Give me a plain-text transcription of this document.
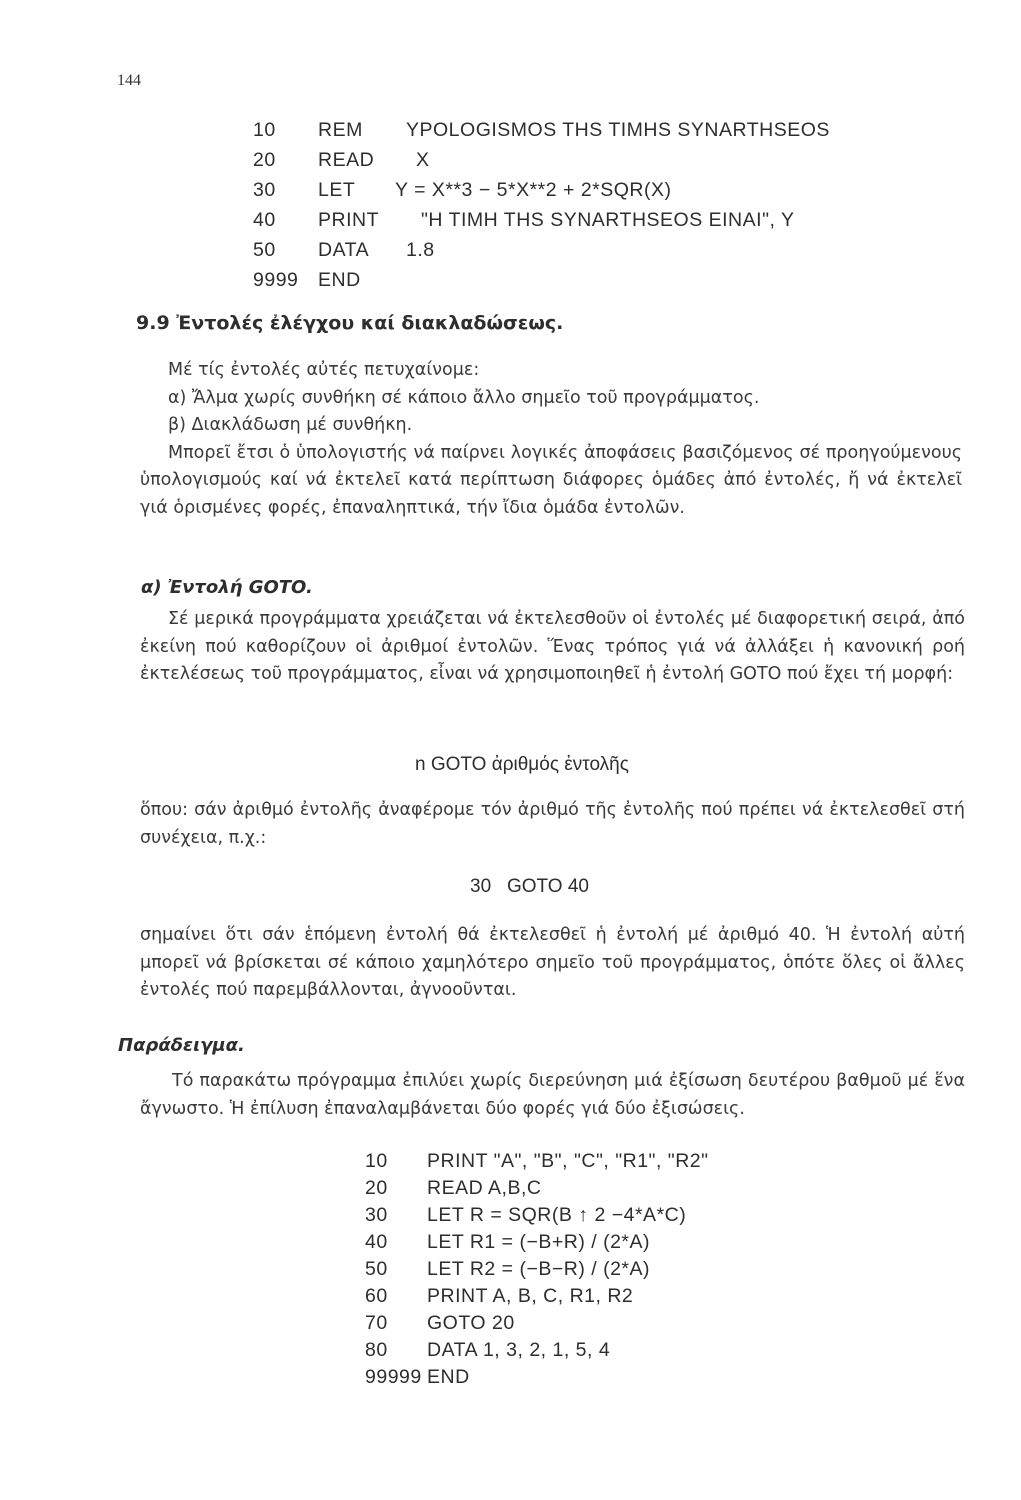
144
10 REM YPOLOGISMOS THS TIMHS SYNARTHSEOS
20 READ X
30 LET Y = X**3 − 5*X**2 + 2*SQR(X)
40 PRINT "H TIMH THS SYNARTHSEOS EINAI", Y
50 DATA 1.8
9999 END
9.9 Ἐντολές ἐλέγχου καί διακλαδώσεως.

Μέ τίς ἐντολές αὐτές πετυχαίνομε:

α) Ἄλμα χωρίς συνθήκη σέ κάποιο ἄλλο σημεῖο τοῦ προγράμματος.

β) Διακλάδωση μέ συνθήκη.

Μπορεῖ ἔτσι ὁ ὑπολογιστής νά παίρνει λογικές ἀποφάσεις βασιζόμενος σέ προηγούμενους ὑπολογισμούς καί νά ἐκτελεῖ κατά περίπτωση διάφορες ὁμάδες ἀπό ἐντολές, ἤ νά ἐκτελεῖ γιά ὁρισμένες φορές, ἐπαναληπτικά, τήν ἴδια ὁμάδα ἐντολῶν.

α) Ἐντολή GOTO.
Σέ μερικά προγράμματα χρειάζεται νά ἐκτελεσθοῦν οἱ ἐντολές μέ διαφορετική σειρά, ἀπό ἐκείνη πού καθορίζουν οἱ ἀριθμοί ἐντολῶν. Ἕνας τρόπος γιά νά ἀλλάξει ἡ κανονική ροή ἐκτελέσεως τοῦ προγράμματος, εἶναι νά χρησιμοποιηθεῖ ἡ ἐντολή GOTO πού ἔχει τή μορφή:
n GOTO ἀριθμός ἐντολῆς
ὅπου: σάν ἀριθμό ἐντολῆς ἀναφέρομε τόν ἀριθμό τῆς ἐντολῆς πού πρέπει νά ἐκτελεσθεῖ στή συνέχεια, π.χ.:
30   GOTO 40
σημαίνει ὅτι σάν ἑπόμενη ἐντολή θά ἐκτελεσθεῖ ἡ ἐντολή μέ ἀριθμό 40. Ἡ ἐντολή αὐτή μπορεῖ νά βρίσκεται σέ κάποιο χαμηλότερο σημεῖο τοῦ προγράμματος, ὁπότε ὅλες οἱ ἄλλες ἐντολές πού παρεμβάλλονται, ἀγνοοῦνται.
Παράδειγμα.
Τό παρακάτω πρόγραμμα ἐπιλύει χωρίς διερεύνηση μιά ἐξίσωση δευτέρου βαθμοῦ μέ ἕνα ἄγνωστο. Ἡ ἐπίλυση ἐπαναλαμβάνεται δύο φορές γιά δύο ἐξισώσεις.
10 PRINT "A", "B", "C", "R1", "R2"
20 READ A,B,C
30 LET R = SQR(B ↑ 2 −4*A*C)
40 LET R1 = (−B+R) / (2*A)
50 LET R2 = (−B−R) / (2*A)
60 PRINT A, B, C, R1, R2
70 GOTO 20
80 DATA 1, 3, 2, 1, 5, 4
99999 END
